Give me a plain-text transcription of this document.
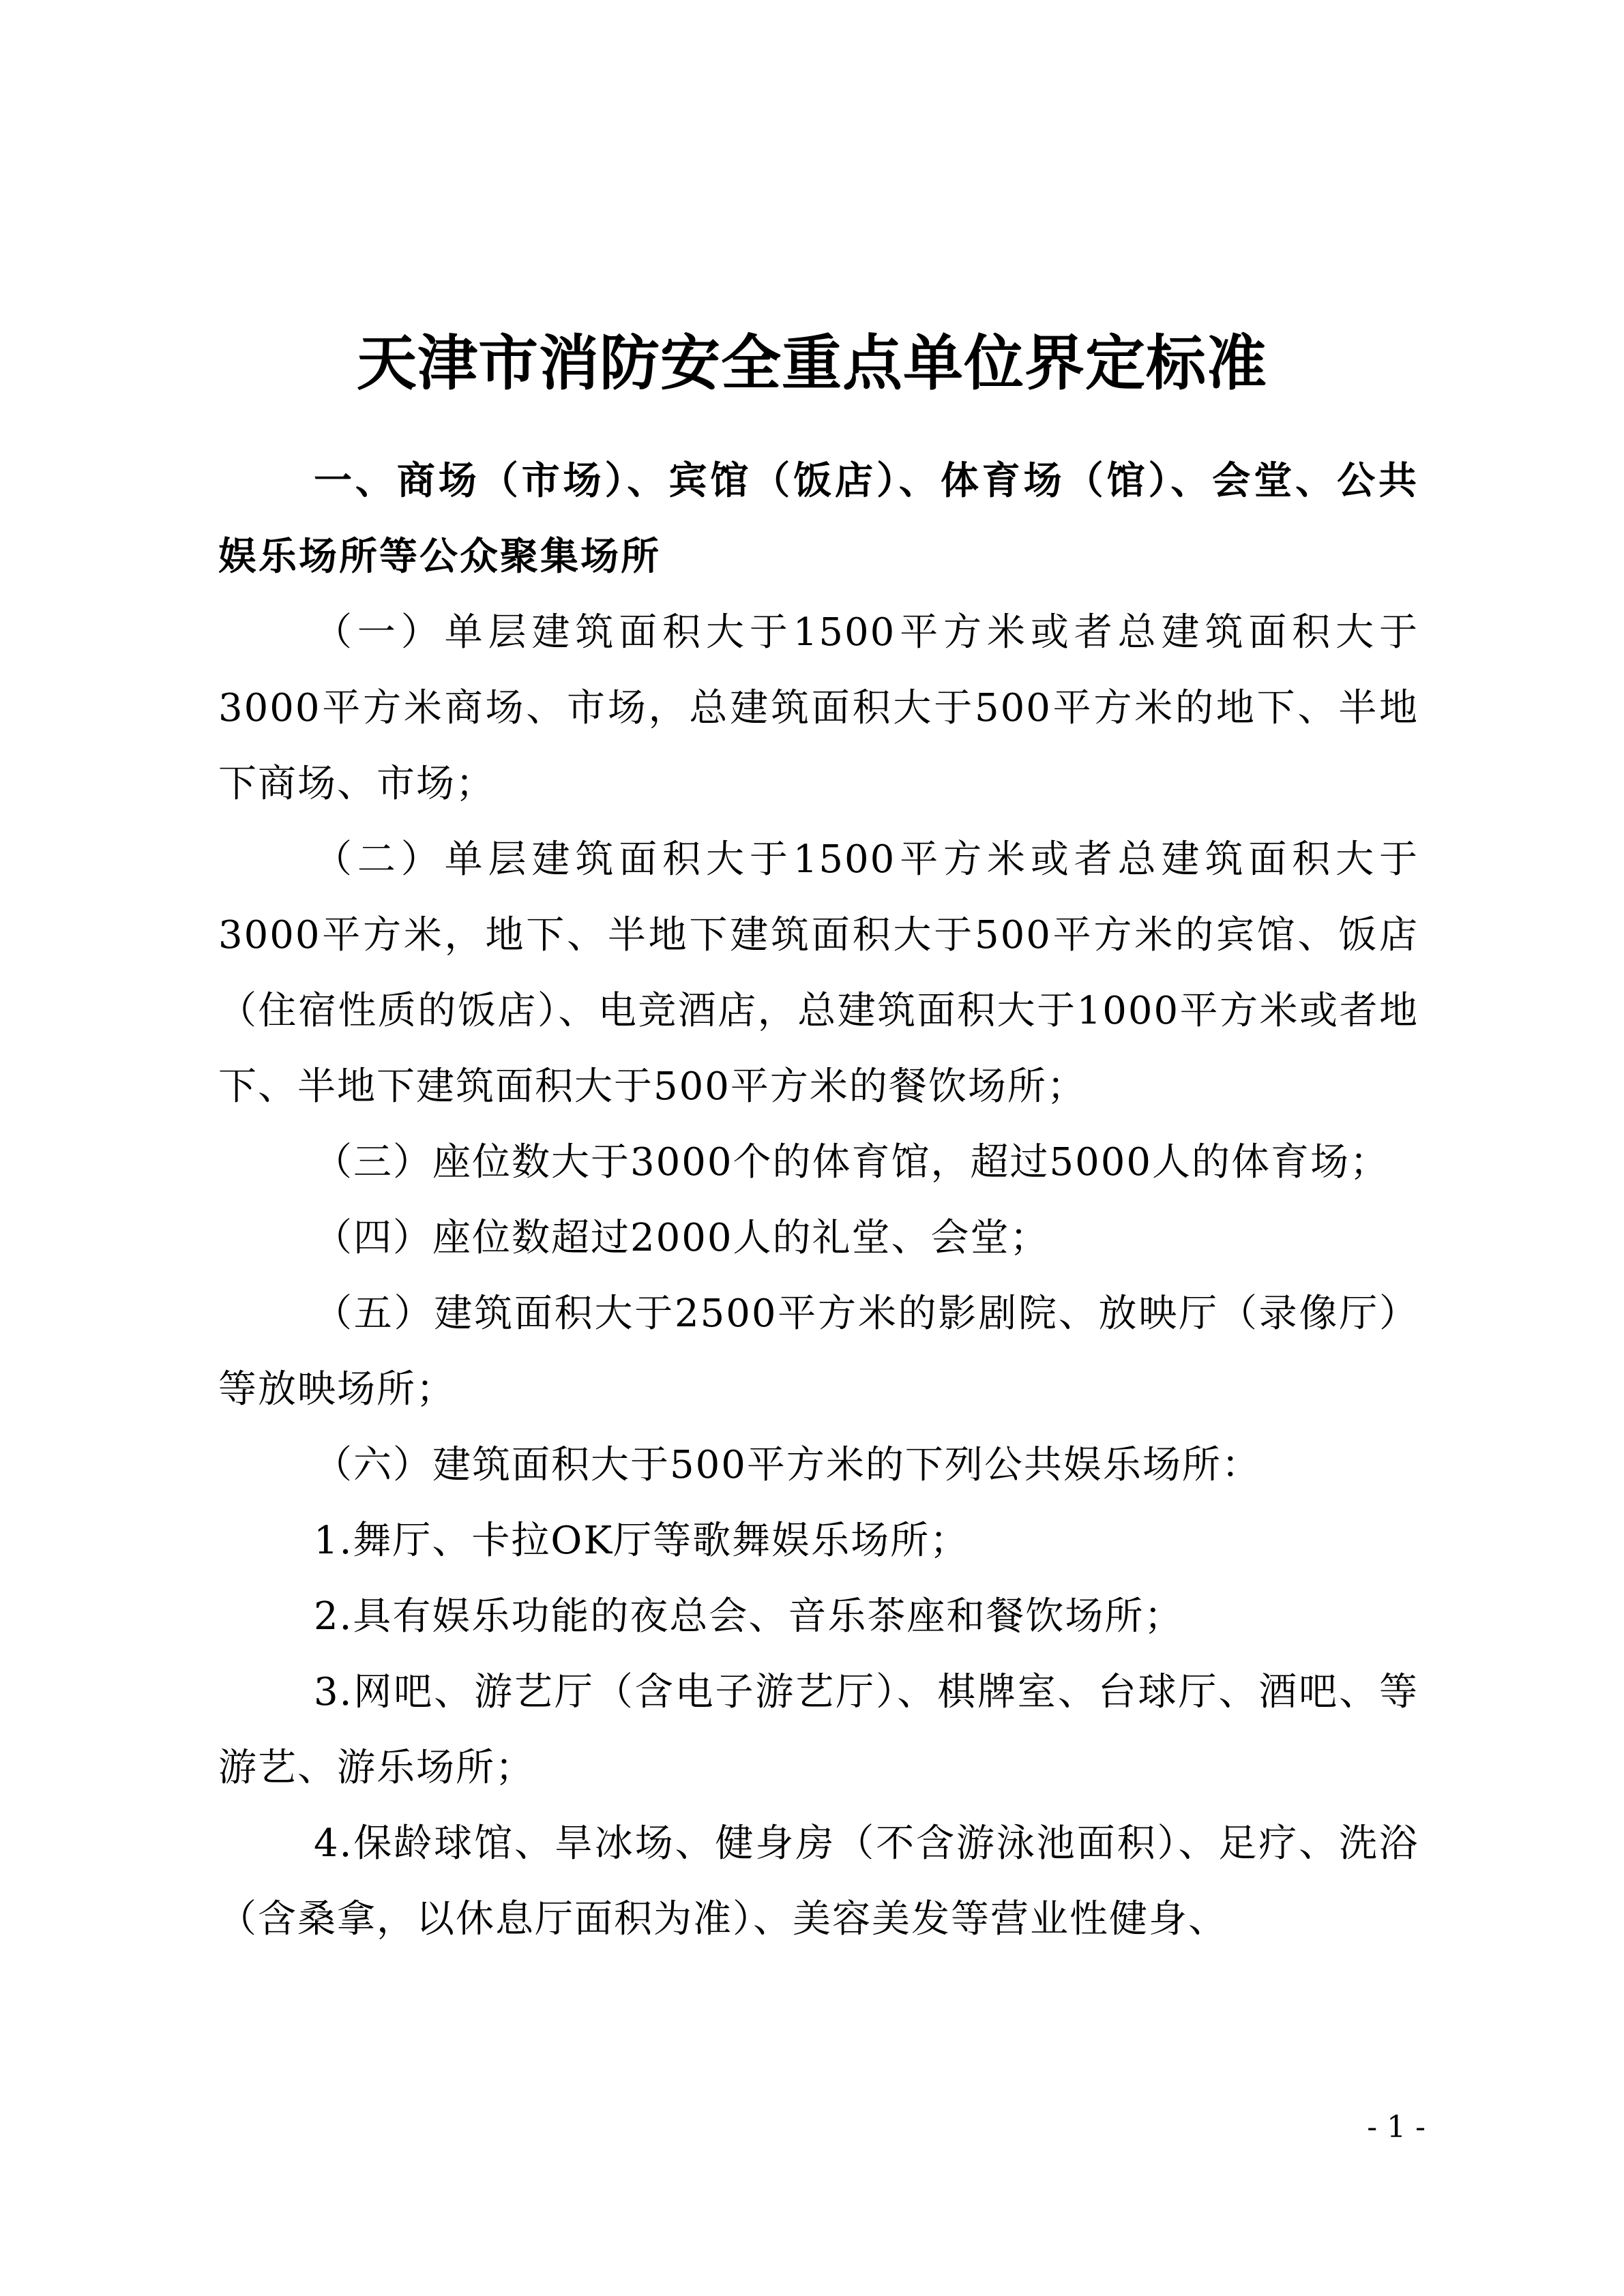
天津市消防安全重点单位界定标准

一、商场（市场）、宾馆（饭店）、体育场（馆）、会堂、公共娱乐场所等公众聚集场所

（一）单层建筑面积大于1500平方米或者总建筑面积大于3000平方米商场、市场，总建筑面积大于500平方米的地下、半地下商场、市场；

（二）单层建筑面积大于1500平方米或者总建筑面积大于3000平方米，地下、半地下建筑面积大于500平方米的宾馆、饭店（住宿性质的饭店）、电竞酒店，总建筑面积大于1000平方米或者地下、半地下建筑面积大于500平方米的餐饮场所；

（三）座位数大于3000个的体育馆，超过5000人的体育场；

（四）座位数超过2000人的礼堂、会堂；

（五）建筑面积大于2500平方米的影剧院、放映厅（录像厅）等放映场所；

（六）建筑面积大于500平方米的下列公共娱乐场所：

1.舞厅、卡拉OK厅等歌舞娱乐场所；

2.具有娱乐功能的夜总会、音乐茶座和餐饮场所；

3.网吧、游艺厅（含电子游艺厅）、棋牌室、台球厅、酒吧、等游艺、游乐场所；

4.保龄球馆、旱冰场、健身房（不含游泳池面积）、足疗、洗浴（含桑拿，以休息厅面积为准）、美容美发等营业性健身、

- 1 -
